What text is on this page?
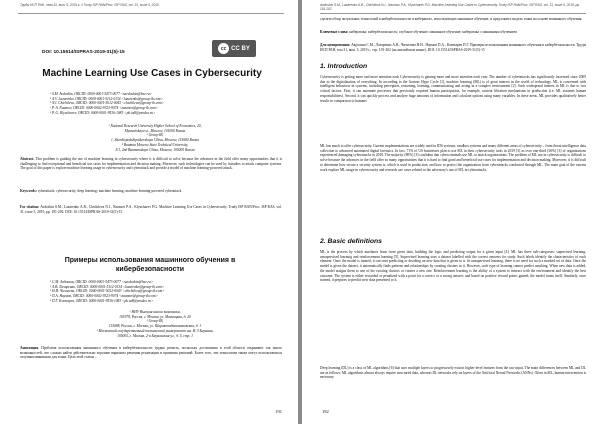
Труды ИСП РАН, том 31, вып. 5, 2019 г. // Trudy ISP RAN/Proc. ISP RAS, vol. 31, issue 5, 2019
DOI: 10.15514/ISPRAS-2019-31(5)-15
cc CC BY
Machine Learning Use Cases in Cybersecurity

¹ S.M. Avdoshin, ORCID: 0000-0001-5473-0077 <savdoshin@hse.ru>

¹ A.V. Lazarenko, ORCID: 0000-0001-5112-0134 <lazarenko@group-ib.com>

¹ N.I. Chichileva, ORCID: 0000-0001-5012-0043 <chichileva@group-ib.com>

¹ P. A. Naumov, ORCID: 0000-0002-9323-9074 <naumov@group-ib.com>

¹ P. G. Klyucharev, ORCID: 0000-0001-9536-1083 <pk.iu8@yandex.ru>

¹ National Research University Higher School of Economics, 20,

Myasnitskaya st., Moscow, 101000 Russia

² Group-IB,

1, Sharikopodshipnikovskaya Ulitsa, Moscow, 115080 Russia

³ Bauman Moscow State Technical University,

5/1, 2nd Baumanskaya Ulitsa, Moscow, 105005 Russia

Abstract. This problem is guiding the use of machine learning in cybersecurity where it is difficult to solve because the advances in the field offer many opportunities that it is challenging to find exceptional and beneficial use cases for implementation and decision making. Moreover, such technologies can be used by intruders to attack computer systems. The goal of this paper is explore machine learning usage in cybersecurity and cyberattack and provide a model of machine learning-powered attack.

Keywords: cyberattack; cybersecurity; deep learning; machine learning; machine learning-powered cyberattack

For citation: Avdoshin S.M., Lazarenko A.B., Chichileva N.I., Naumov P.A., Klyucharev P.G. Machine Learning Use Cases in Cybersecurity. Trudy ISP RAN/Proc. ISP RAS, vol. 31, issue 5, 2019, pp. 191-202. DOI: 10.15514/ISPRAS-2019-31(5)-15

Примеры использования машинного обучения в кибербезопасности

¹ С.М. Авдошин, ORCID: 0000-0001-5473-0077 <savdoshin@hse.ru>

² А.В. Лазаренко, ORCID: 0000-0001-5112-0134 <lazarenko@group-ib.com>

² Н.И. Чичилева, ORCID: 0000-0001-5012-0043 <chichileva@group-ib.com>

² П.А. Наумов, ORCID: 0000-0002-9323-9074 <naumov@group-ib.com>

³ П.Г. Ключарев, ORCID: 0000-0001-9536-1083 <pk.iu8@yandex.ru>

¹ НИУ Высшая школа экономики,

101978, Россия, г. Москва, ул. Мясницкая, д. 20

² Group-IB,

115088, Россия, г. Москва, ул. Шарикоподшипниковская, д. 1

³ Московский государственный технический университет им. Н.Э Баумана,

105005, г. Москва, 2-я Бауманская ул., д. 5, стр. 1

Аннотация. Проблема использования машинного обучения в кибербезопасности трудно решить, поскольку достижения в этой области открывают так много возможностей, что сложно найти действительно хорошие варианты решения реализации и принятия решений. Более того, эти технологии также могут использоваться злоумышленниками для атаки. Цель этой статьи –

191
Avdoshin S.M., Lazarenko A.B., Chichileva N.I., Naumov P.A., Klyucharev P.G. Machine Learning Use Cases in Cybersecurity. Trudy ISP RAN/Proc. ISP RAS, vol. 31, issue 5, 2019, pp. 191-202

сделать обзор актуальных технологий в кибербезопасности и киберактах, использующих машинное обучение, и предложить модель атаки на основе машинного обучения.

Ключевые слова: кибератака; кибербезопасность; глубокое обучение; машинное обучение; кибератака с машинным обучением

Для цитирования: Авдошин С.М., Лазаренко А.В., Чичилева Н.И., Наумов П.А., Ключарев П.Г. Примеры использования машинного обучения в кибербезопасности. Труды ИСП РАН, том 31, вып. 5, 2019 г., стр. 191-202 (на английском языке). DOI: 10.15514/ISPRAS-2019-31(5)-15

1. Introduction
Cybersecurity is getting more and more attention each Cybersecurity is gaining more and more attention each year. The number of cyberattacks has significantly increased since 2009 due to the digitalization of everything. In according to the Gartner Hype Cycle [1], machine learning (ML) is of great interest in the world of technology. ML is concerned with intelligent behaviour in systems, including perception, reasoning, learning, communicating and acting in a complex environment [2]. Such widespread interest in ML is due to two critical factors. First, it can automate processes that previously required human participation, for example, content filtration mechanisms in production (i.e. ML assumes human responsibilities). Second, it can quickly process and analyze huge amounts of information and calculate options using many variables. In these areas, ML provides qualitatively better results in comparison to humans.
ML has much to offer cybersecurity. Current implementations are widely used in IDS systems, sandbox systems and many different areas of cybersecurity – from threat intelligence data collection to advanced automated digital forensics. In fact, 71% of US businesses plan to use ML in their cybersecurity tools in 2019 [3] as over one-third (36%) [3] of organizations experienced damaging cyberattacks in 2018. The majority (80%) [3] confident that cybercriminals use ML to attack organizations. The problem of ML use in cybersecurity is difficult to solve because the advances in the field offer so many opportunities that it is hard to find good and beneficial use cases for implementation and decision making. Moreover, it is difficult to determine how secure a security system is, which is used in production, and how to protect the organization from cyberattacks conducted through ML. The main goal of the current work explore ML usage in cybersecurity and research use cases related to the adversary's use of ML in cyberattacks.
2. Basic definitions
ML is the process by which machines learn from given data, building the logic and predicting output for a given input [4]. ML has three sub-categories: supervised learning, unsupervised learning and reinforcement learning [5]. Supervised learning uses a dataset labelled with the correct answers for study. Such labels identify the characteristics of each element. Once the model is trained, it can start predicting or deciding on new data that is given to it. In unsupervised learning, there is no need for such a marked set of data. Once the model is given the dataset, it automatically finds patterns and relationships by creating clusters in it. However, such type of learning cannot predict anything. When new data is added, the model assigns them to one of the existing clusters or creates a new one. Reinforcement learning is the ability of a system to interact with the environment and identify the best outcome. The system is either rewarded or penalized with a point for a correct or a wrong answer, and based on positive reward points gained, the model trains itself. Similarly, once trained, it prepares to predict new data presented to it.
Deep learning (DL) is a class of ML algorithms [6] that uses multiple layers to progressively extract higher-level features from the raw input. The main differences between ML and DL are as follows: ML algorithms almost always require structured data, whereas DL networks rely on layers of the Artificial Neural Networks (ANNs). Often in ML, human intervention is necessary
192
